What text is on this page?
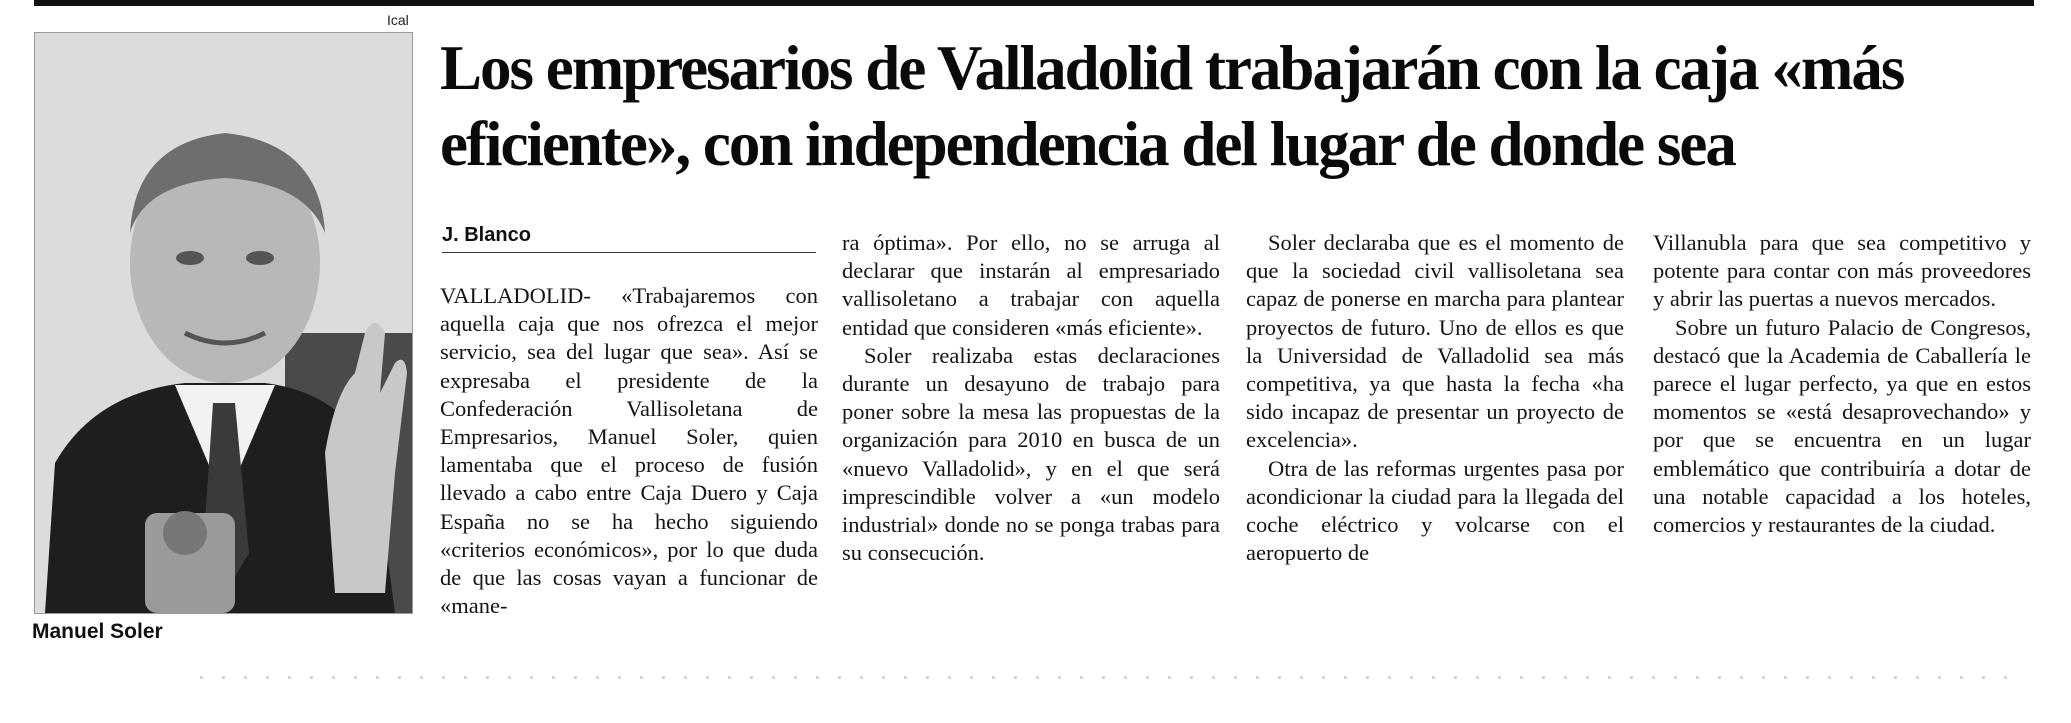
Ical
Manuel Soler
Los empresarios de Valladolid trabajarán con la caja «más eficiente», con independencia del lugar de donde sea
J. Blanco

VALLADOLID- «Trabajaremos con aquella caja que nos ofrezca el mejor servicio, sea del lugar que sea». Así se expresaba el presidente de la Confederación Vallisoletana de Empresarios, Manuel Soler, quien lamentaba que el proceso de fusión llevado a cabo entre Caja Duero y Caja España no se ha hecho siguiendo «criterios económicos», por lo que duda de que las cosas vayan a funcionar de «mane-

ra óptima». Por ello, no se arruga al declarar que instarán al empresariado vallisoletano a trabajar con aquella entidad que consideren «más eficiente».

Soler realizaba estas declaraciones durante un desayuno de trabajo para poner sobre la mesa las propuestas de la organización para 2010 en busca de un «nuevo Valladolid», y en el que será imprescindible volver a «un modelo industrial» donde no se ponga trabas para su consecución.

Soler declaraba que es el momento de que la sociedad civil vallisoletana sea capaz de ponerse en marcha para plantear proyectos de futuro. Uno de ellos es que la Universidad de Valladolid sea más competitiva, ya que hasta la fecha «ha sido incapaz de presentar un proyecto de excelencia».

Otra de las reformas urgentes pasa por acondicionar la ciudad para la llegada del coche eléctrico y volcarse con el aeropuerto de

Villanubla para que sea competitivo y potente para contar con más proveedores y abrir las puertas a nuevos mercados.

Sobre un futuro Palacio de Congresos, destacó que la Academia de Caballería le parece el lugar perfecto, ya que en estos momentos se «está desaprovechando» y por que se encuentra en un lugar emblemático que contribuiría a dotar de una notable capacidad a los hoteles, comercios y restaurantes de la ciudad.
